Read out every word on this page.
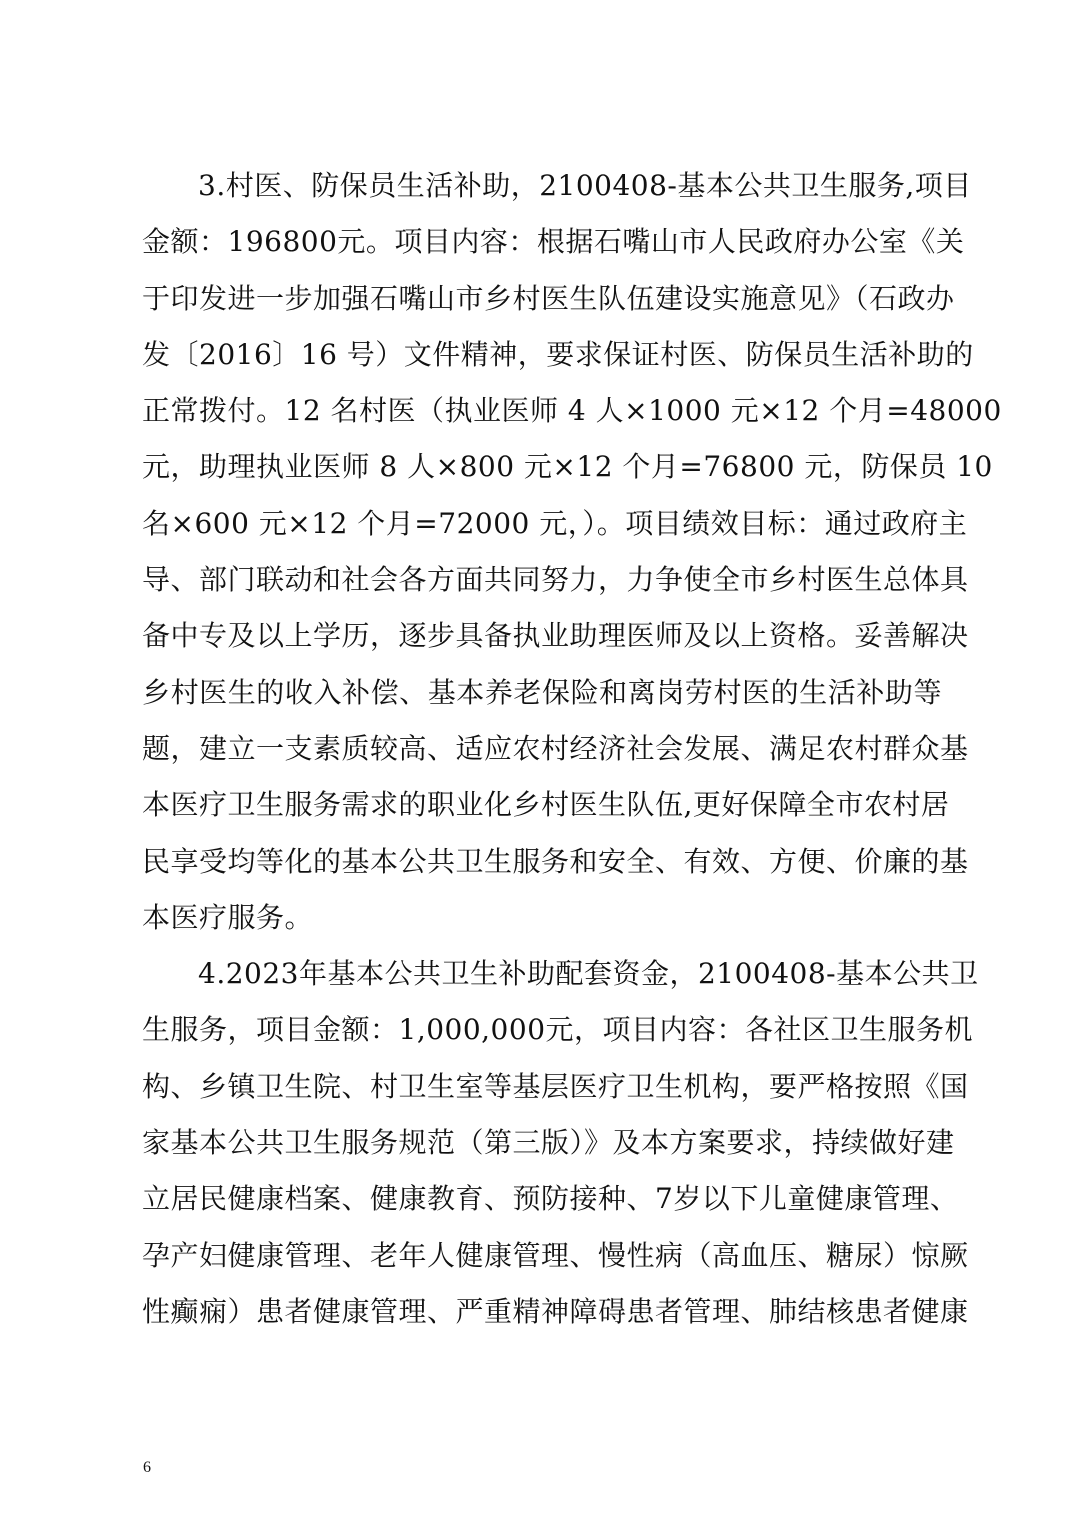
3.村医、防保员生活补助，2100408-基本公共卫生服务,项目
金额：196800元。项目内容：根据石嘴山市人民政府办公室《关
于印发进一步加强石嘴山市乡村医生队伍建设实施意见》（石政办
发〔2016〕16 号）文件精神，要求保证村医、防保员生活补助的
正常拨付。12 名村医（执业医师 4 人×1000 元×12 个月=48000
元，助理执业医师 8 人×800 元×12 个月=76800 元，防保员 10
名×600 元×12 个月=72000 元，）。项目绩效目标：通过政府主
导、部门联动和社会各方面共同努力，力争使全市乡村医生总体具
备中专及以上学历，逐步具备执业助理医师及以上资格。妥善解决
乡村医生的收入补偿、基本养老保险和离岗劳村医的生活补助等
题，建立一支素质较高、适应农村经济社会发展、满足农村群众基
本医疗卫生服务需求的职业化乡村医生队伍,更好保障全市农村居
民享受均等化的基本公共卫生服务和安全、有效、方便、价廉的基
本医疗服务。
4.2023年基本公共卫生补助配套资金，2100408-基本公共卫
生服务，项目金额：1,000,000元，项目内容：各社区卫生服务机
构、乡镇卫生院、村卫生室等基层医疗卫生机构，要严格按照《国
家基本公共卫生服务规范（第三版）》及本方案要求，持续做好建
立居民健康档案、健康教育、预防接种、7岁以下儿童健康管理、
孕产妇健康管理、老年人健康管理、慢性病（高血压、糖尿）惊厥
性癫痫）患者健康管理、严重精神障碍患者管理、肺结核患者健康
6
